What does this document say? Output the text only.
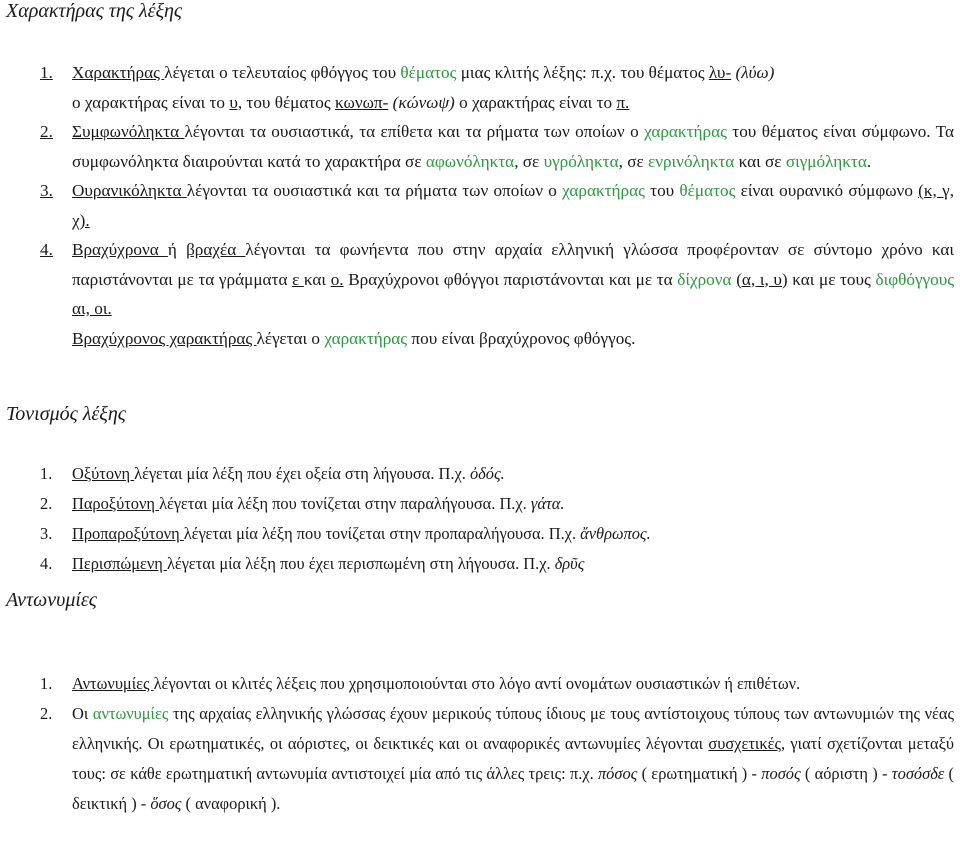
Χαρακτήρας της λέξης
1. Χαρακτήρας λέγεται ο τελευταίος φθόγγος του θέματος μιας κλιτής λέξης: π.χ. του θέματος λυ- (λύω)
ο χαρακτήρας είναι το υ, του θέματος κωνωπ- (κώνωψ) ο χαρακτήρας είναι το π.
2. Συμφωνόληκτα λέγονται τα ουσιαστικά, τα επίθετα και τα ρήματα των οποίων ο χαρακτήρας του θέματος είναι σύμφωνο. Τα συμφωνόληκτα διαιρούνται κατά το χαρακτήρα σε αφωνόληκτα, σε υγρόληκτα, σε ενρινόληκτα και σε σιγμόληκτα.
3. Ουρανικόληκτα λέγονται τα ουσιαστικά και τα ρήματα των οποίων ο χαρακτήρας του θέματος είναι ουρανικό σύμφωνο (κ, γ, χ).
4. Βραχύχρονα ή βραχέα λέγονται τα φωνήεντα που στην αρχαία ελληνική γλώσσα προφέρονταν σε σύντομο χρόνο και παριστάνονται με τα γράμματα ε και ο. Βραχύχρονοι φθόγγοι παριστάνονται και με τα δίχρονα (α, ι, υ) και με τους διφθόγγους αι, οι.
Βραχύχρονος χαρακτήρας λέγεται ο χαρακτήρας που είναι βραχύχρονος φθόγγος.
Τονισμός λέξης
1. Οξύτονη λέγεται μία λέξη που έχει οξεία στη λήγουσα. Π.χ. ὀδός.
2. Παροξύτονη λέγεται μία λέξη που τονίζεται στην παραλήγουσα. Π.χ. γάτα.
3. Προπαροξύτονη λέγεται μία λέξη που τονίζεται στην προπαραλήγουσα. Π.χ. ἄνθρωπος.
4. Περισπώμενη λέγεται μία λέξη που έχει περισπωμένη στη λήγουσα. Π.χ. δρῦς
Αντωνυμίες
1. Αντωνυμίες λέγονται οι κλιτές λέξεις που χρησιμοποιούνται στο λόγο αντί ονομάτων ουσιαστικών ή επιθέτων.
2. Οι αντωνυμίες της αρχαίας ελληνικής γλώσσας έχουν μερικούς τύπους ίδιους με τους αντίστοιχους τύπους των αντωνυμιών της νέας ελληνικής. Οι ερωτηματικές, οι αόριστες, οι δεικτικές και οι αναφορικές αντωνυμίες λέγονται συσχετικές, γιατί σχετίζονται μεταξύ τους: σε κάθε ερωτηματική αντωνυμία αντιστοιχεί μία από τις άλλες τρεις: π.χ. πόσος ( ερωτηματική ) - ποσός ( αόριστη ) - τοσόσδε ( δεικτική ) - ὅσος ( αναφορική ).
